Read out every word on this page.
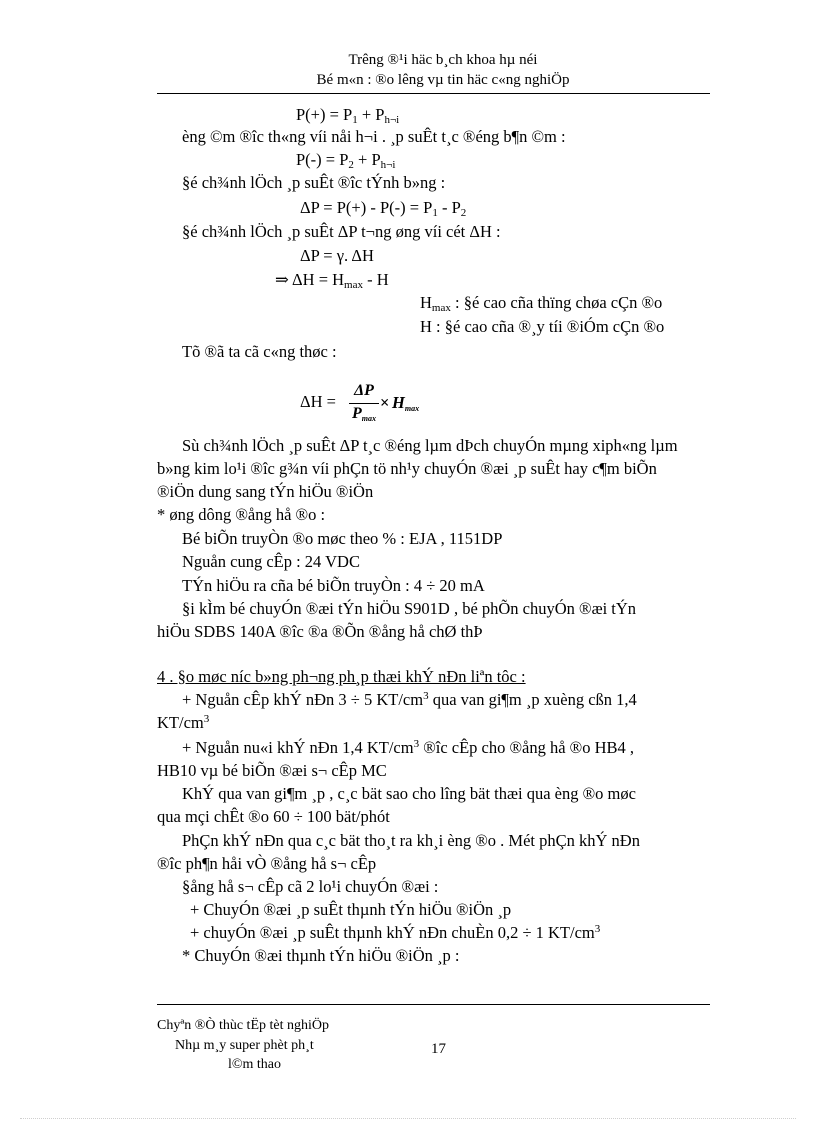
Trêng ®¹i häc b¸ch khoa hµ néi
Bé m«n : ®o lêng vµ tin häc c«ng nghiÖp
$P(+) = P_1 + P_{h\neg i}$
èng ©m ®îc th«ng víi nåi h¬i . ¸p suÊt t¸c ®éng b¶n ©m :
$P(-) = P_2 + P_{h\neg i}$
§é ch¾nh lÖch ¸p suÊt ®îc tÝnh b»ng :
$\Delta P = P(+) - P(-) = P_1 - P_2$
§é ch¾nh lÖch ¸p suÊt ΔP t¬ng øng víi cét ΔH :
ΔP = γ. ΔH
⇒ $\Delta H = H_{max} - H$
$H_{max}$ : §é cao cña thïng chøa cÇn ®o
H : §é cao cña ®¸y tíi ®iÓm cÇn ®o
Tõ ®ã ta cã c«ng thøc :
ΔH =
ΔP
$P_{max}$
× $H_{max}$
Sù ch¾nh lÖch ¸p suÊt ΔP t¸c ®éng lµm dÞch chuyÓn mµng xiph«ng lµm
b»ng kim lo¹i ®îc g¾n víi phÇn tö nh¹y chuyÓn ®æi ¸p suÊt hay c¶m biÕn
®iÖn dung sang tÝn hiÖu ®iÖn
* øng dông ®ång hå ®o :
Bé biÕn truyÒn ®o møc theo % : EJA , 1151DP
Nguån cung cÊp : 24 VDC
TÝn hiÖu ra cña bé biÕn truyÒn : 4 ÷ 20 mA
§i kÌm bé chuyÓn ®æi tÝn hiÖu S901D , bé phÕn chuyÓn ®æi tÝn
hiÖu SDBS 140A ®îc ®a ®Õn ®ång hå chØ thÞ
4 . §o møc níc b»ng ph¬ng ph¸p thæi khÝ nÐn liªn tôc :
+ Nguån cÊp khÝ nÐn 3 ÷ 5 $KT/cm^3$ qua van gi¶m ¸p xuèng cßn 1,4
$KT/cm^3$
+ Nguån nu«i khÝ nÐn 1,4 $KT/cm^3$ ®îc cÊp cho ®ång hå ®o HB4 ,
HB10 vµ bé biÕn ®æi s¬ cÊp MC
KhÝ qua van gi¶m ¸p , c¸c bät sao cho lîng bät thæi qua èng ®o møc
qua mçi chÊt ®o 60 ÷ 100 bät/phót
PhÇn khÝ nÐn qua c¸c bät tho¸t ra kh¸i èng ®o . Mét phÇn khÝ nÐn
®îc ph¶n håi vÒ ®ång hå s¬ cÊp
§ång hå s¬ cÊp cã 2 lo¹i chuyÓn ®æi :
+ ChuyÓn ®æi ¸p suÊt thµnh tÝn hiÖu ®iÖn ¸p
+ chuyÓn ®æi ¸p suÊt thµnh khÝ nÐn chuÈn 0,2 ÷ 1 $KT/cm^3$
* ChuyÓn ®æi thµnh tÝn hiÖu ®iÖn ¸p :
Chyªn ®Ò thùc tËp tèt nghiÖp
Nhµ m¸y super phèt ph¸t
l©m thao
17
